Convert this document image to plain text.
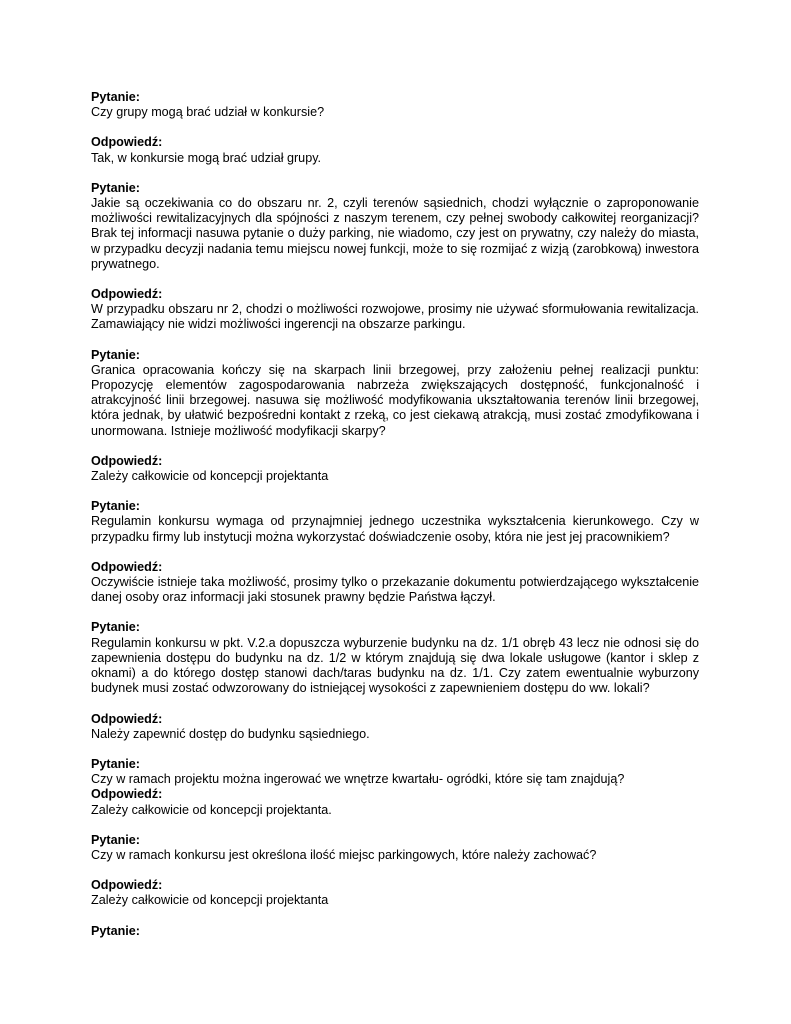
Pytanie:
Czy grupy mogą brać udział w konkursie?
Odpowiedź:
Tak, w konkursie mogą brać udział grupy.
Pytanie:
Jakie są oczekiwania co do obszaru nr. 2, czyli terenów sąsiednich, chodzi wyłącznie o zaproponowanie możliwości rewitalizacyjnych dla spójności z naszym terenem, czy pełnej swobody całkowitej reorganizacji? Brak tej informacji nasuwa pytanie o duży parking, nie wiadomo, czy jest on prywatny, czy należy do miasta, w przypadku decyzji nadania temu miejscu nowej funkcji, może to się rozmijać z wizją (zarobkową) inwestora prywatnego.
Odpowiedź:
W przypadku obszaru nr 2, chodzi o możliwości rozwojowe, prosimy nie używać sformułowania rewitalizacja. Zamawiający nie widzi możliwości ingerencji na obszarze parkingu.
Pytanie:
Granica opracowania kończy się na skarpach linii brzegowej, przy założeniu pełnej realizacji punktu: Propozycję elementów zagospodarowania nabrzeża zwiększających dostępność, funkcjonalność i atrakcyjność linii brzegowej. nasuwa się możliwość modyfikowania ukształtowania terenów linii brzegowej, która jednak, by ułatwić bezpośredni kontakt z rzeką, co jest ciekawą atrakcją, musi zostać zmodyfikowana i unormowana. Istnieje możliwość modyfikacji skarpy?
Odpowiedź:
Zależy całkowicie od koncepcji projektanta
Pytanie:
Regulamin konkursu wymaga od przynajmniej jednego uczestnika wykształcenia kierunkowego. Czy w przypadku firmy lub instytucji można wykorzystać doświadczenie osoby, która nie jest jej pracownikiem?
Odpowiedź:
Oczywiście istnieje taka możliwość, prosimy tylko o przekazanie dokumentu potwierdzającego wykształcenie danej osoby oraz informacji jaki stosunek prawny będzie Państwa łączył.
Pytanie:
Regulamin konkursu w pkt. V.2.a dopuszcza wyburzenie budynku na dz. 1/1 obręb 43 lecz nie odnosi się do zapewnienia dostępu do budynku na dz. 1/2 w którym znajdują się dwa lokale usługowe (kantor i sklep z oknami) a do którego dostęp stanowi dach/taras budynku na dz. 1/1. Czy zatem ewentualnie wyburzony budynek musi zostać odwzorowany do istniejącej wysokości z zapewnieniem dostępu do ww. lokali?
Odpowiedź:
Należy zapewnić dostęp do budynku sąsiedniego.
Pytanie:
Czy w ramach projektu można ingerować we wnętrze kwartału- ogródki, które się tam znajdują?
Odpowiedź:
Zależy całkowicie od koncepcji projektanta.
Pytanie:
Czy w ramach konkursu jest określona ilość miejsc parkingowych, które należy zachować?
Odpowiedź:
Zależy całkowicie od koncepcji projektanta
Pytanie:
